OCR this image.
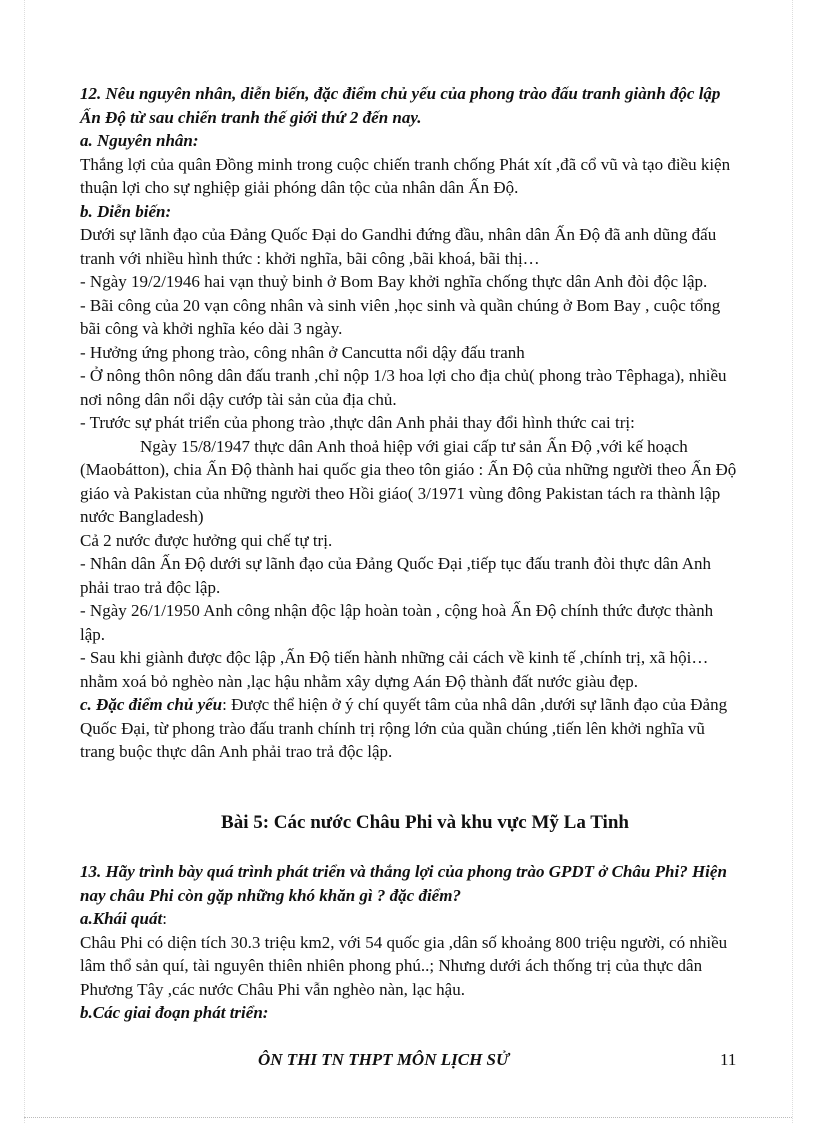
12. Nêu nguyên nhân, diễn biến, đặc điểm chủ yếu của phong trào đấu tranh giành độc lập Ấn Độ từ sau chiến tranh thế giới thứ 2 đến nay.

a. Nguyên nhân:

Thắng lợi của quân Đồng minh trong cuộc chiến tranh chống Phát xít ,đã cổ vũ và tạo điều kiện thuận lợi cho sự nghiệp giải phóng dân tộc của nhân dân Ấn Độ.

b. Diễn biến:

Dưới sự lãnh đạo của Đảng Quốc Đại do Gandhi đứng đầu, nhân dân Ấn Độ đã anh dũng đấu tranh với nhiều hình thức : khởi nghĩa, bãi công ,bãi khoá, bãi thị…

- Ngày 19/2/1946 hai vạn thuỷ binh ở Bom Bay khởi nghĩa chống thực dân Anh đòi độc lập.

- Bãi công của 20 vạn công nhân và sinh viên ,học sinh và quần chúng ở Bom Bay , cuộc tổng bãi công và khởi nghĩa kéo dài 3 ngày.

- Hưởng ứng phong trào, công nhân ở Cancutta nổi dậy đấu tranh

- Ở nông thôn nông dân đấu tranh ,chỉ nộp 1/3 hoa lợi cho địa chủ( phong trào Têphaga), nhiều nơi nông dân nổi dậy cướp tài sản của địa chủ.

- Trước sự phát triển của phong trào ,thực dân Anh phải thay đổi hình thức cai trị:

Ngày 15/8/1947 thực dân Anh thoả hiệp với giai cấp tư sản Ấn Độ ,với kế hoạch (Maobátton), chia Ấn Độ thành hai quốc gia theo tôn giáo : Ấn Độ của những người theo Ấn Độ giáo và Pakistan của những người theo Hồi giáo( 3/1971 vùng đông Pakistan tách ra thành lập nước Bangladesh)

Cả 2 nước được hưởng qui chế tự trị.

- Nhân dân Ấn Độ dưới sự lãnh đạo của Đảng Quốc Đại ,tiếp tục đấu tranh đòi thực dân Anh phải trao trả độc lập.

- Ngày 26/1/1950 Anh công nhận độc lập hoàn toàn , cộng hoà Ấn Độ chính thức được thành lập.

- Sau khi giành được độc lập ,Ấn Độ tiến hành những cải cách về kinh tế ,chính trị, xã hội… nhằm xoá bỏ nghèo nàn ,lạc hậu nhằm xây dựng Aán Độ thành đất nước giàu đẹp.

c. Đặc điểm chủ yếu: Được thể hiện ở ý chí quyết tâm của nhâ dân ,dưới sự lãnh đạo của Đảng Quốc Đại, từ phong trào đấu tranh chính trị rộng lớn của quần chúng ,tiến lên khởi nghĩa vũ trang buộc thực dân Anh phải trao trả độc lập.

Bài 5: Các nước Châu Phi và khu vực Mỹ La Tinh

13. Hãy trình bày quá trình phát triển và thắng lợi của phong trào GPDT ở Châu Phi? Hiện nay châu Phi còn gặp những khó khăn gì ? đặc điểm?

a.Khái quát:

Châu Phi có diện tích 30.3 triệu km2, với 54 quốc gia ,dân số khoảng 800 triệu người, có nhiều lâm thổ sản quí, tài nguyên thiên nhiên phong phú..; Nhưng dưới ách thống trị của thực dân Phương Tây ,các nước Châu Phi vẫn nghèo nàn, lạc hậu.

b.Các giai đoạn phát triển:

ÔN THI TN THPT MÔN LỊCH SỬ	11
